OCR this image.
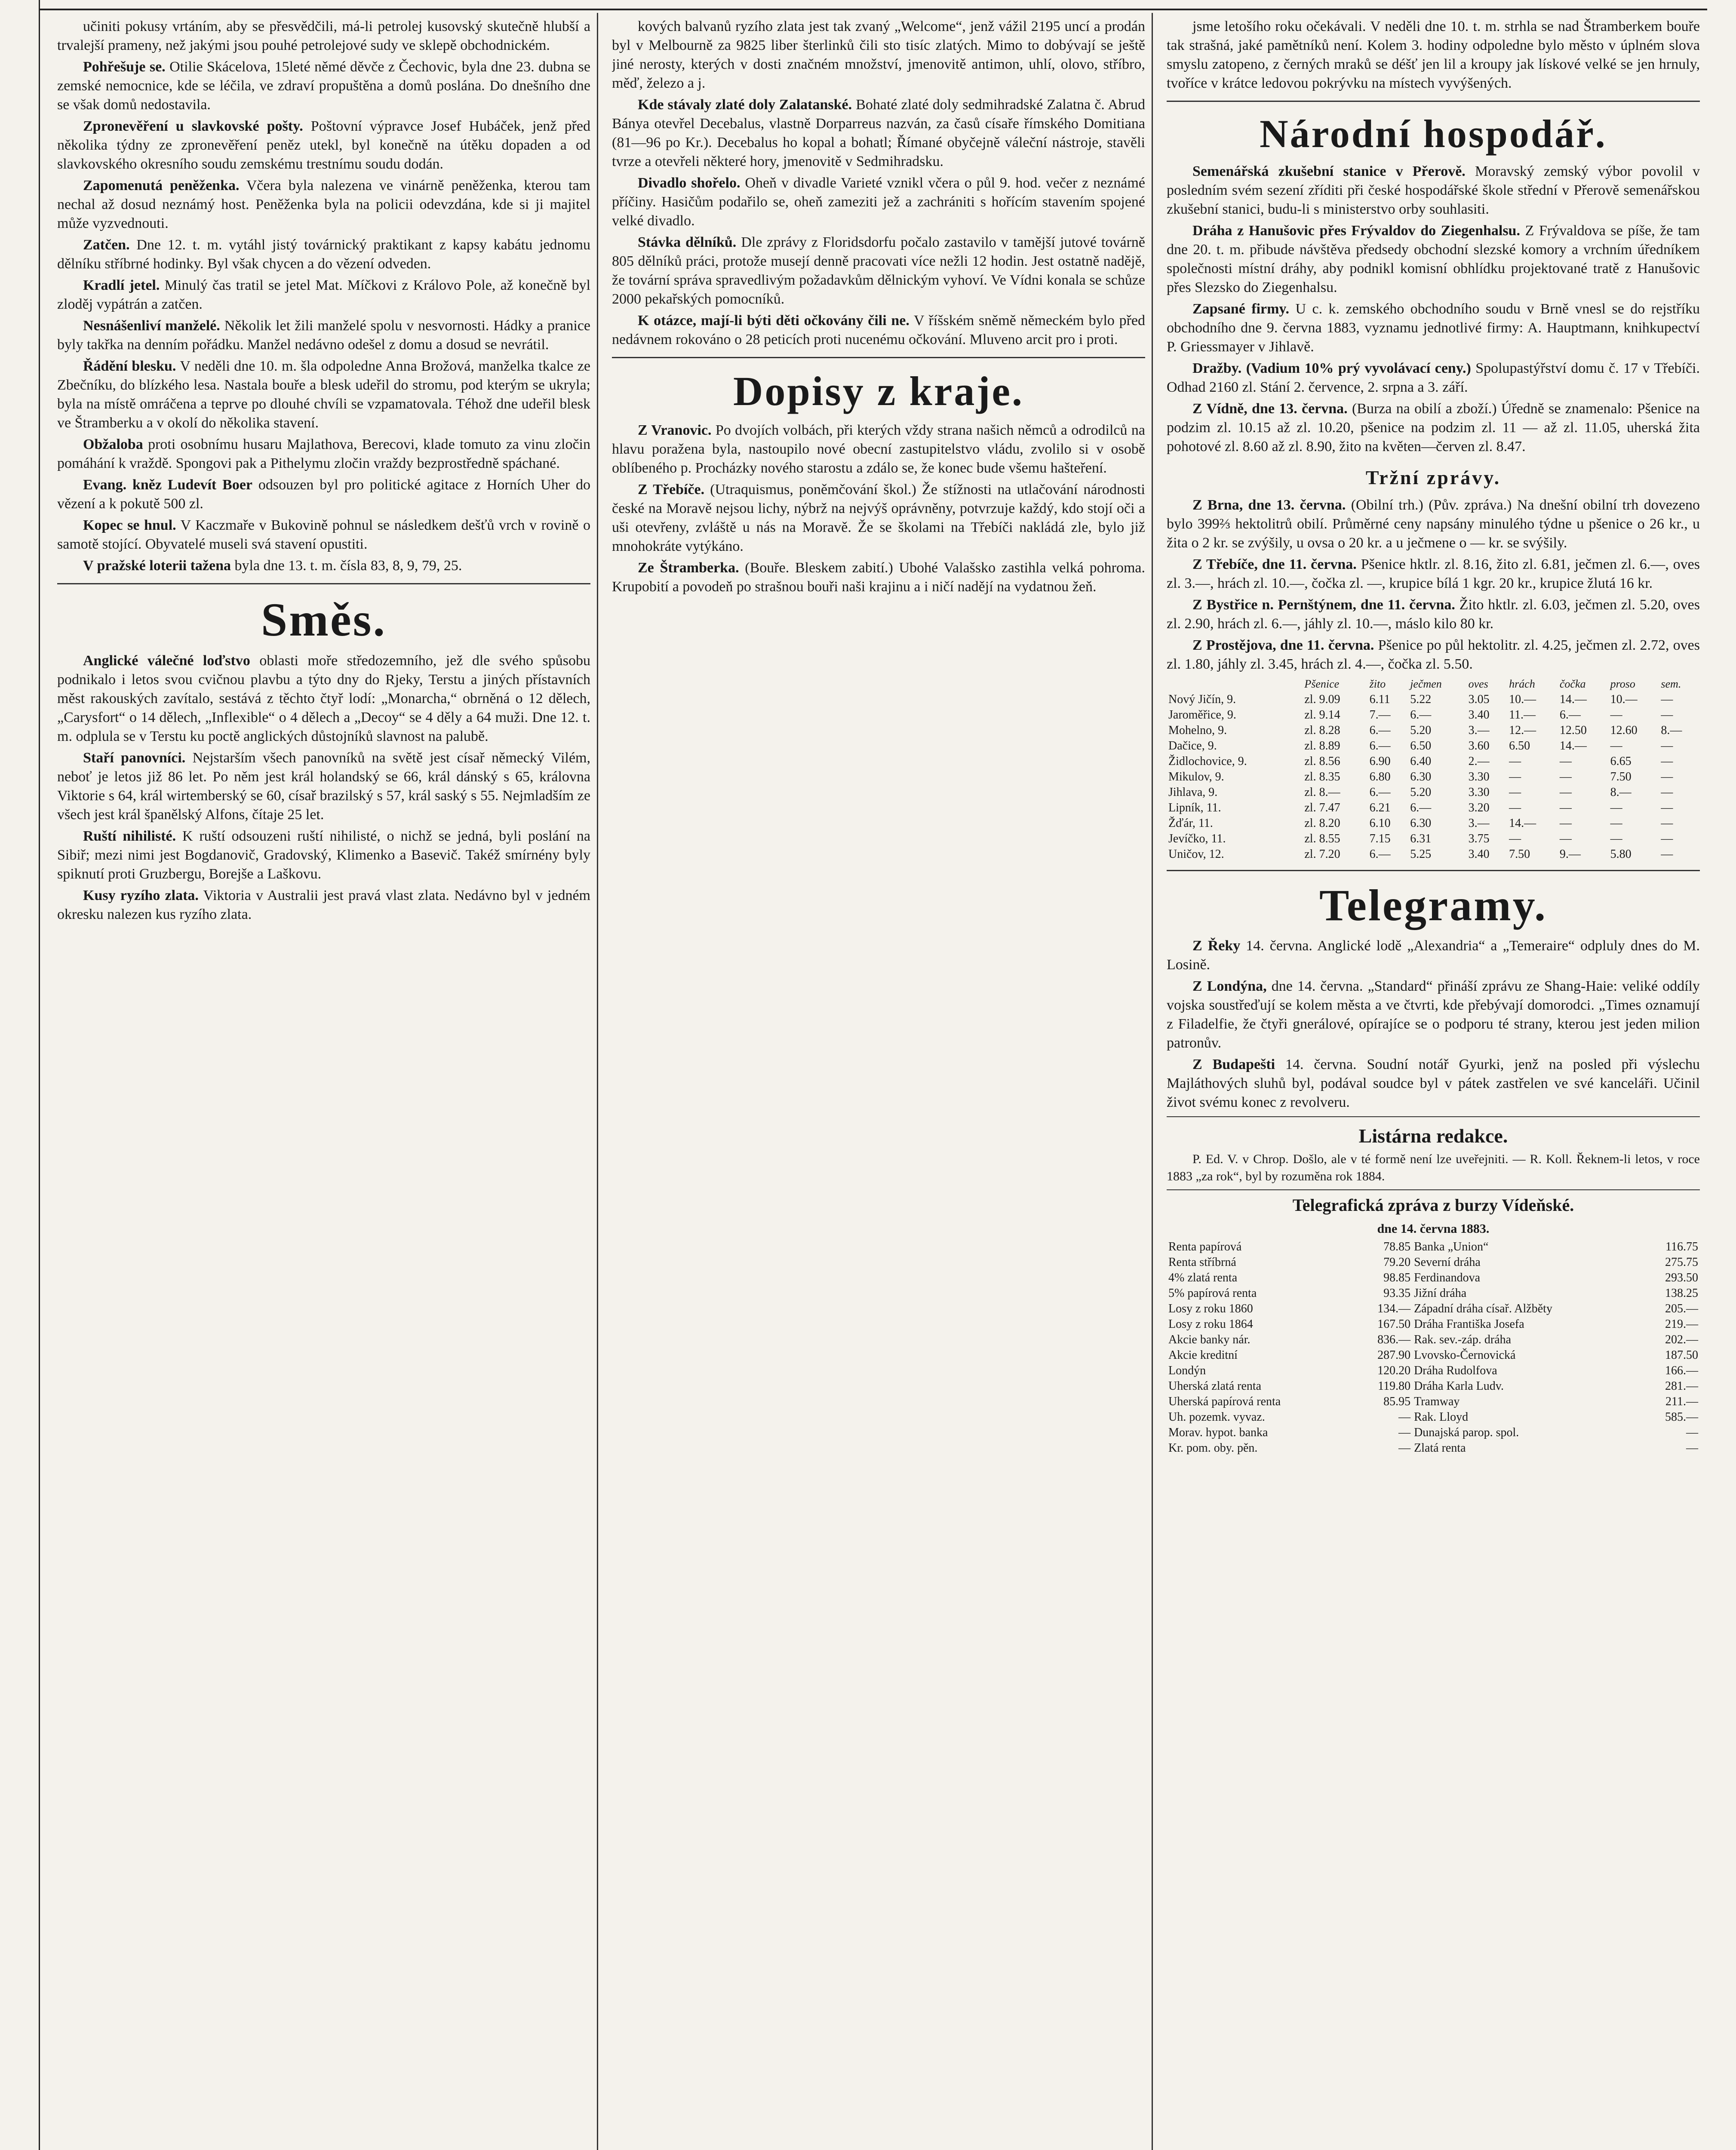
učiniti pokusy vrtáním, aby se přesvědčili, má-li petrolej kusovský skutečně hlubší a trvalejší prameny, než jakými jsou pouhé petrolejové sudy ve sklepě obchodnickém.

Pohřešuje se. Otilie Skácelova, 15leté němé děvče z Čechovic, byla dne 23. dubna se zemské nemocnice, kde se léčila, ve zdraví propuštěna a domů poslána. Do dnešního dne se však domů nedostavila.

Zpronevěření u slavkovské pošty. Poštovní výpravce Josef Hubáček, jenž před několika týdny ze zpronevěření peněz utekl, byl konečně na útěku dopaden a od slavkovského okresního soudu zemskému trestnímu soudu dodán.

Zapomenutá peněženka. Včera byla nalezena ve vinárně peněženka, kterou tam nechal až dosud neznámý host. Peněženka byla na policii odevzdána, kde si ji majitel může vyzvednouti.

Zatčen. Dne 12. t. m. vytáhl jistý továrnický praktikant z kapsy kabátu jednomu dělníku stříbrné hodinky. Byl však chycen a do vězení odveden.

Kradlí jetel. Minulý čas tratil se jetel Mat. Míčkovi z Královo Pole, až konečně byl zloděj vypátrán a zatčen.

Nesnášenliví manželé. Několik let žili manželé spolu v nesvornosti. Hádky a pranice byly takřka na denním pořádku. Manžel nedávno odešel z domu a dosud se nevrátil.

Řádění blesku. V neděli dne 10. m. šla odpoledne Anna Brožová, manželka tkalce ze Zbečníku, do blízkého lesa. Nastala bouře a blesk udeřil do stromu, pod kterým se ukryla; byla na místě omráčena a teprve po dlouhé chvíli se vzpamatovala. Téhož dne udeřil blesk ve Štramberku a v okolí do několika stavení.

Obžaloba proti osobnímu husaru Majlathova, Berecovi, klade tomuto za vinu zločin pomáhání k vraždě. Spongovi pak a Pithelymu zločin vraždy bezprostředně spáchané.

Evang. kněz Ludevít Boer odsouzen byl pro politické agitace z Horních Uher do vězení a k pokutě 500 zl.

Kopec se hnul. V Kaczmaře v Bukovině pohnul se následkem dešťů vrch v rovině o samotě stojící. Obyvatelé museli svá stavení opustiti.

V pražské loterii tažena byla dne 13. t. m. čísla 83, 8, 9, 79, 25.

Směs.

Anglické válečné loďstvo oblasti moře středozemního, jež dle svého spůsobu podnikalo i letos svou cvičnou plavbu a týto dny do Rjeky, Terstu a jiných přístavních měst rakouských zavítalo, sestává z těchto čtyř lodí: „Monarcha,“ obrněná o 12 dělech, „Carysfort“ o 14 dělech, „Inflexible“ o 4 dělech a „Decoy“ se 4 děly a 64 muži. Dne 12. t. m. odplula se v Terstu ku poctě anglických důstojníků slavnost na palubě.

Staří panovníci. Nejstarším všech panovníků na světě jest císař německý Vilém, neboť je letos již 86 let. Po něm jest král holandský se 66, král dánský s 65, královna Viktorie s 64, král wirtemberský se 60, císař brazilský s 57, král saský s 55. Nejmladším ze všech jest král španělský Alfons, čítaje 25 let.

Ruští nihilisté. K ruští odsouzeni ruští nihilisté, o nichž se jedná, byli poslání na Sibiř; mezi nimi jest Bogdanovič, Gradovský, Klimenko a Basevič. Takéž smírnény byly spiknutí proti Gruzbergu, Borejše a Laškovu.

Kusy ryzího zlata. Viktoria v Australii jest pravá vlast zlata. Nedávno byl v jedném okresku nalezen kus ryzího zlata.

kových balvanů ryzího zlata jest tak zvaný „Welcome“, jenž vážil 2195 uncí a prodán byl v Melbourně za 9825 liber šterlinků čili sto tisíc zlatých. Mimo to dobývají se ještě jiné nerosty, kterých v dosti značném množství, jmenovitě antimon, uhlí, olovo, stříbro, měď, železo a j.

Kde stávaly zlaté doly Zalatanské. Bohaté zlaté doly sedmihradské Zalatna č. Abrud Bánya otevřel Decebalus, vlastně Dorparreus nazván, za časů císaře římského Domitiana (81—96 po Kr.). Decebalus ho kopal a bohatl; Římané obyčejně váleční nástroje, stavěli tvrze a otevřeli některé hory, jmenovitě v Sedmihradsku.

Divadlo shořelo. Oheň v divadle Varieté vznikl včera o půl 9. hod. večer z neznámé příčiny. Hasičům podařilo se, oheň zameziti jež a zachrániti s hořícím stavením spojené velké divadlo.

Stávka dělníků. Dle zprávy z Floridsdorfu počalo zastavilo v tamější jutové továrně 805 dělníků práci, protože musejí denně pracovati více nežli 12 hodin. Jest ostatně nadějě, že tovární správa spravedlivým požadavkům dělnickým vyhoví. Ve Vídni konala se schůze 2000 pekařských pomocníků.

K otázce, mají-li býti děti očkovány čili ne. V říšském sněmě německém bylo před nedávnem rokováno o 28 peticích proti nucenému očkování. Mluveno arcit pro i proti.

Dopisy z kraje.

Z Vranovic. Po dvojích volbách, při kterých vždy strana našich němců a odrodilců na hlavu poražena byla, nastoupilo nové obecní zastupitelstvo vládu, zvolilo si v osobě oblíbeného p. Procházky nového starostu a zdálo se, že konec bude všemu hašteření.

Z Třebíče. (Utraquismus, poněmčování škol.) Že stížnosti na utlačování národnosti české na Moravě nejsou lichy, nýbrž na nejvýš oprávněny, potvrzuje každý, kdo stojí oči a uši otevřeny, zvláště u nás na Moravě. Že se školami na Třebíči nakládá zle, bylo již mnohokráte vytýkáno.

Ze Štramberka. (Bouře. Bleskem zabití.) Ubohé Valašsko zastihla velká pohroma. Krupobití a povodeň po strašnou bouři naši krajinu a i ničí nadějí na vydatnou žeň.

jsme letošího roku očekávali. V neděli dne 10. t. m. strhla se nad Štramberkem bouře tak strašná, jaké pamětníků není. Kolem 3. hodiny odpoledne bylo město v úplném slova smyslu zatopeno, z černých mraků se déšť jen lil a kroupy jak lískové velké se jen hrnuly, tvoříce v krátce ledovou pokrývku na místech vyvýšených.

Národní hospodář.

Semenářská zkušební stanice v Přerově. Moravský zemský výbor povolil v posledním svém sezení zříditi při české hospodářské škole střední v Přerově semenářskou zkušební stanici, budu-li s ministerstvo orby souhlasiti.

Dráha z Hanušovic přes Frývaldov do Ziegenhalsu. Z Frývaldova se píše, že tam dne 20. t. m. přibude návštěva předsedy obchodní slezské komory a vrchním úředníkem společnosti místní dráhy, aby podnikl komisní obhlídku projektované tratě z Hanušovic přes Slezsko do Ziegenhalsu.

Zapsané firmy. U c. k. zemského obchodního soudu v Brně vnesl se do rejstříku obchodního dne 9. června 1883, vyznamu jednotlivé firmy: A. Hauptmann, knihkupectví P. Griessmayer v Jihlavě.

Dražby. (Vadium 10% prý vyvolávací ceny.) Spolupastýřství domu č. 17 v Třebíči. Odhad 2160 zl. Stání 2. července, 2. srpna a 3. září.

Z Vídně, dne 13. června. (Burza na obilí a zboží.) Úředně se znamenalo: Pšenice na podzim zl. 10.15 až zl. 10.20, pšenice na podzim zl. 11 — až zl. 11.05, uherská žita pohotové zl. 8.60 až zl. 8.90, žito na květen—červen zl. 8.47.

Tržní zprávy.

Z Brna, dne 13. června. (Obilní trh.) (Pův. zpráva.) Na dnešní obilní trh dovezeno bylo 399⅔ hektolitrů obilí. Průměrné ceny napsány minulého týdne u pšenice o 26 kr., u žita o 2 kr. se zvýšily, u ovsa o 20 kr. a u ječmene o — kr. se svýšily.

Z Třebíče, dne 11. června. Pšenice hktlr. zl. 8.16, žito zl. 6.81, ječmen zl. 6.—, oves zl. 3.—, hrách zl. 10.—, čočka zl. —, krupice bílá 1 kgr. 20 kr., krupice žlutá 16 kr.

Z Bystřice n. Pernštýnem, dne 11. června. Žito hktlr. zl. 6.03, ječmen zl. 5.20, oves zl. 2.90, hrách zl. 6.—, jáhly zl. 10.—, máslo kilo 80 kr.

Z Prostějova, dne 11. června. Pšenice po půl hektolitr. zl. 4.25, ječmen zl. 2.72, oves zl. 1.80, jáhly zl. 3.45, hrách zl. 4.—, čočka zl. 5.50.

	Pšenice	žito	ječmen	oves	hrách	čočka	proso	sem.
Nový Jičín, 9.	zl. 9.09	6.11	5.22	3.05	10.—	14.—	10.—	—
Jaroměřice, 9.	zl. 9.14	7.—	6.—	3.40	11.—	6.—	—	—
Mohelno, 9.	zl. 8.28	6.—	5.20	3.—	12.—	12.50	12.60	8.—
Dačice, 9.	zl. 8.89	6.—	6.50	3.60	6.50	14.—	—	—
Židlochovice, 9.	zl. 8.56	6.90	6.40	2.—	—	—	6.65	—
Mikulov, 9.	zl. 8.35	6.80	6.30	3.30	—	—	7.50	—
Jihlava, 9.	zl. 8.—	6.—	5.20	3.30	—	—	8.—	—
Lipník, 11.	zl. 7.47	6.21	6.—	3.20	—	—	—	—
Žďár, 11.	zl. 8.20	6.10	6.30	3.—	14.—	—	—	—
Jevíčko, 11.	zl. 8.55	7.15	6.31	3.75	—	—	—	—
Uničov, 12.	zl. 7.20	6.—	5.25	3.40	7.50	9.—	5.80	—
Telegramy.

Z Řeky 14. června. Anglické lodě „Alexandria“ a „Temeraire“ odpluly dnes do M. Losině.

Z Londýna, dne 14. června. „Standard“ přináší zprávu ze Shang-Haie: veliké oddíly vojska soustřeďují se kolem města a ve čtvrti, kde přebývají domorodci. „Times oznamují z Filadelfie, že čtyři gnerálové, opírajíce se o podporu té strany, kterou jest jeden milion patronův.

Z Budapešti 14. června. Soudní notář Gyurki, jenž na posled při výslechu Majláthových sluhů byl, podával soudce byl v pátek zastřelen ve své kanceláři. Učinil život svému konec z revolveru.

Listárna redakce.

P. Ed. V. v Chrop. Došlo, ale v té formě není lze uveřejniti. — R. Koll. Řeknem-li letos, v roce 1883 „za rok“, byl by rozuměna rok 1884.

Telegrafická zpráva z burzy Vídeňské.
dne 14. června 1883.
Renta papírová	78.85	Banka „Union“	116.75
Renta stříbrná	79.20	Severní dráha	275.75
4% zlatá renta	98.85	Ferdinandova	293.50
5% papírová renta	93.35	Jižní dráha	138.25
Losy z roku 1860	134.—	Západní dráha císař. Alžběty	205.—
Losy z roku 1864	167.50	Dráha Františka Josefa	219.—
Akcie banky nár.	836.—	Rak. sev.-záp. dráha	202.—
Akcie kreditní	287.90	Lvovsko-Černovická	187.50
Londýn	120.20	Dráha Rudolfova	166.—
Uherská zlatá renta	119.80	Dráha Karla Ludv.	281.—
Uherská papírová renta	85.95	Tramway	211.—
Uh. pozemk. vyvaz.	—	Rak. Lloyd	585.—
Morav. hypot. banka	—	Dunajská parop. spol.	—
Kr. pom. oby. pěn.	—	Zlatá renta	—
